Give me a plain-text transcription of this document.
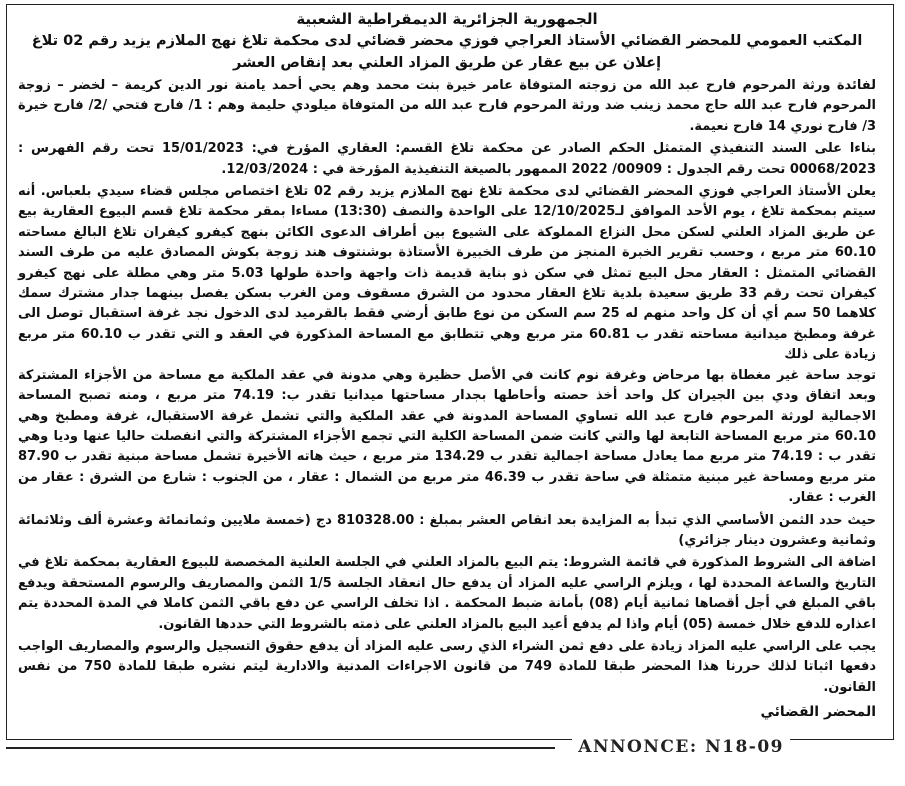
الجمهورية الجزائرية الديمقراطية الشعبية

المكتب العمومي للمحضر القضائي الأستاذ العراجي فوزي محضر قضائي لدى محكمة تلاغ نهج الملازم يزيد رقم 02 تلاغ

إعلان عن بيع عقار عن طريق المزاد العلني بعد إنقاص العشر

لفائدة ورثة المرحوم فارح عبد الله من زوجته المتوفاة عامر خيرة بنت محمد وهم يحي أحمد يامنة نور الدين كريمة – لخضر – زوجة المرحوم فارح عبد الله حاج محمد زينب ضد ورثة المرحوم فارح عبد الله من المتوفاة ميلودي حليمة وهم : 1/ فارح فتحي /2/ فارح خيرة 3/ فارح نوري 14 فارح نعيمة.

بناءا على السند التنفيذي المتمثل الحكم الصادر عن محكمة تلاغ القسم: العقاري المؤرخ في: 15/01/2023 تحت رقم الفهرس : 00068/2023 تحت رقم الجدول : 00909/ 2022 الممهور بالصيغة التنفيذية المؤرخة في : 12/03/2024.

يعلن الأستاذ العراجي فوزي المحضر القضائي لدى محكمة تلاغ نهج الملازم يزيد رقم 02 تلاغ اختصاص مجلس قضاء سيدي بلعباس. أنه سيتم بمحكمة تلاغ ، يوم الأحد الموافق لـ12/10/2025 على الواحدة والنصف (13:30) مساءا بمقر محكمة تلاغ قسم البيوع العقارية بيع عن طريق المزاد العلني لسكن محل النزاع المملوكة على الشيوع بين أطراف الدعوى الكائن بنهج كيفرو كيفران تلاغ البالغ مساحته 60.10 متر مربع ، وحسب تقرير الخبرة المنجز من طرف الخبيرة الأستاذة بوشنتوف هند زوجة بكوش المصادق عليه من طرف السند القضائي المتمثل : العقار محل البيع تمثل في سكن ذو بناية قديمة ذات واجهة واحدة طولها 5.03 متر وهي مطلة على نهج كيفرو كيفران تحت رقم 33 طريق سعيدة بلدية تلاغ العقار محدود من الشرق مسقوف ومن الغرب بسكن يفصل بينهما جدار مشترك سمك كلاهما 50 سم أي أن كل واحد منهم له 25 سم السكن من نوع طابق أرضي فقط بالقرميد لدى الدخول نجد غرفة استقبال توصل الى غرفة ومطبخ ميدانية مساحته تقدر ب 60.81 متر مربع وهي تتطابق مع المساحة المذكورة في العقد و التي تقدر ب 60.10 متر مربع زيادة على ذلك

توجد ساحة غير مغطاة بها مرحاض وغرفة نوم كانت في الأصل حظيرة وهي مدونة في عقد الملكية مع مساحة من الأجزاء المشتركة وبعد اتفاق ودي بين الجيران كل واحد أخذ حصته وأحاطها بجدار مساحتها ميدانيا تقدر ب: 74.19 متر مربع ، ومنه تصبح المساحة الاجمالية لورثة المرحوم فارح عبد الله تساوي المساحة المدونة في عقد الملكية والتي تشمل غرفة الاستقبال، غرفة ومطبخ وهي 60.10 متر مربع المساحة التابعة لها والتي كانت ضمن المساحة الكلية التي تجمع الأجزاء المشتركة والتي انفصلت حاليا عنها وديا وهي تقدر ب : 74.19 متر مربع مما يعادل مساحة اجمالية تقدر ب 134.29 متر مربع ، حيث هاته الأخيرة تشمل مساحة مبنية تقدر ب 87.90 متر مربع ومساحة غير مبنية متمثلة في ساحة تقدر ب 46.39 متر مربع من الشمال : عقار ، من الجنوب : شارع من الشرق : عقار من الغرب : عقار.

حيث حدد الثمن الأساسي الذي تبدأ به المزايدة بعد انقاص العشر بمبلغ : 810328.00 دج (خمسة ملايين وثمانمائة وعشرة ألف وثلاثمائة وثمانية وعشرون دينار جزائري)

اضافة الى الشروط المذكورة في قائمة الشروط: يتم البيع بالمزاد العلني في الجلسة العلنية المخصصة للبيوع العقارية بمحكمة تلاغ في التاريخ والساعة المحددة لها ، ويلزم الراسي عليه المزاد أن يدفع حال انعقاد الجلسة 1/5 الثمن والمصاريف والرسوم المستحقة ويدفع باقي المبلغ في أجل أقصاها ثمانية أيام (08) بأمانة ضبط المحكمة . اذا تخلف الراسي عن دفع باقي الثمن كاملا في المدة المحددة يتم اعذاره للدفع خلال خمسة (05) أيام واذا لم يدفع أعيد البيع بالمزاد العلني على ذمته بالشروط التي حددها القانون.

يجب على الراسي عليه المزاد زيادة على دفع ثمن الشراء الذي رسى عليه المزاد أن يدفع حقوق التسجيل والرسوم والمصاريف الواجب دفعها اثباتا لذلك حررنا هذا المحضر طبقا للمادة 749 من قانون الاجراءات المدنية والادارية ليتم نشره طبقا للمادة 750 من نفس القانون.

المحضر القضائي

ANNONCE: N18-09
